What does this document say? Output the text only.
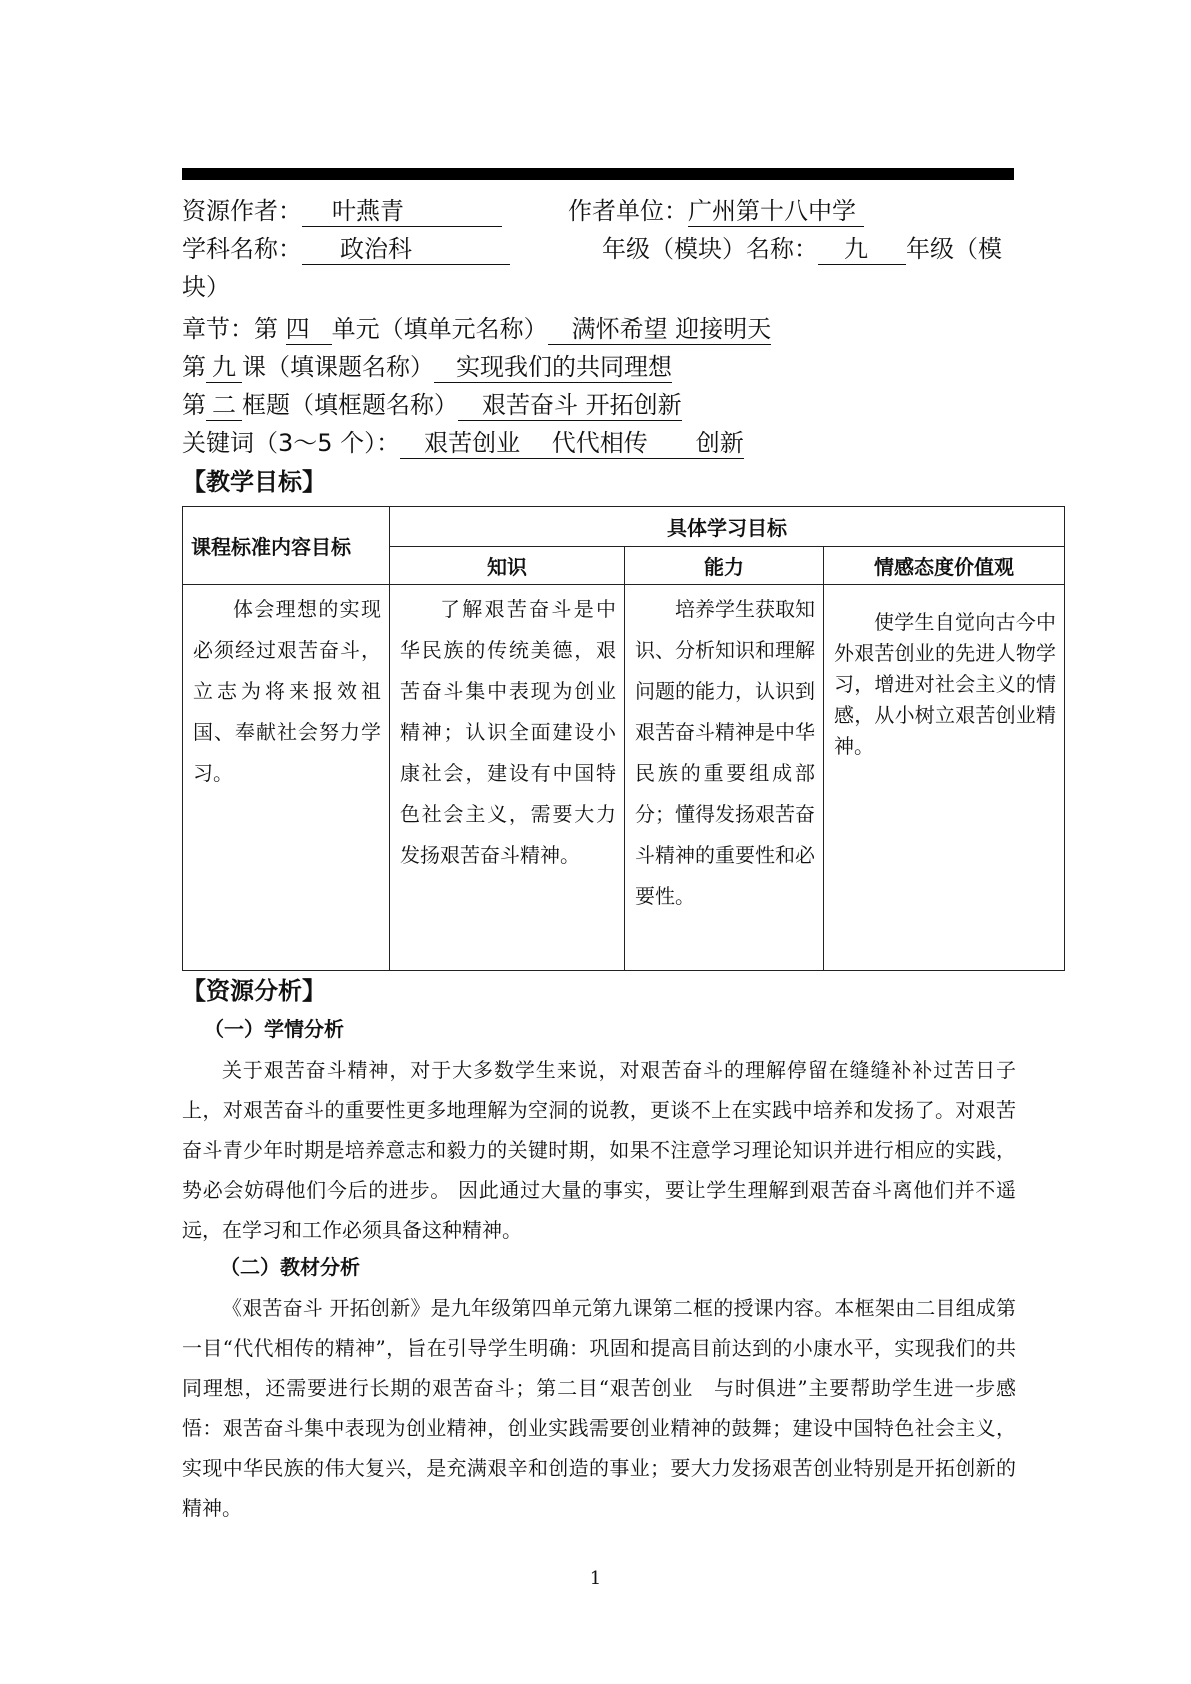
资源作者： 叶燕青	作者单位：广州第十八中学
学科名称： 政治科	年级（模块）名称： 九 年级（模
块）
章节：第 四 单元（填单元名称） 满怀希望 迎接明天
第 九 课（填课题名称） 实现我们的共同理想
第 二 框题（填框题名称） 艰苦奋斗 开拓创新
关键词（3～5 个）： 艰苦创业　 代代相传　　创新
【教学目标】
课程标准内容目标	具体学习目标		
	知识	能力	情感态度价值观

体会理想的实现必须经过艰苦奋斗，立志为将来报效祖国、奉献社会努力学习。	了解艰苦奋斗是中华民族的传统美德，艰苦奋斗集中表现为创业精神；认识全面建设小康社会，建设有中国特色社会主义，需要大力发扬艰苦奋斗精神。	培养学生获取知识、分析知识和理解问题的能力，认识到艰苦奋斗精神是中华民族的重要组成部分；懂得发扬艰苦奋斗精神的重要性和必要性。	使学生自觉向古今中外艰苦创业的先进人物学习，增进对社会主义的情感，从小树立艰苦创业精神。
【资源分析】
（一）学情分析
关于艰苦奋斗精神，对于大多数学生来说，对艰苦奋斗的理解停留在缝缝补补过苦日子上，对艰苦奋斗的重要性更多地理解为空洞的说教，更谈不上在实践中培养和发扬了。对艰苦奋斗青少年时期是培养意志和毅力的关键时期，如果不注意学习理论知识并进行相应的实践，势必会妨碍他们今后的进步。 因此通过大量的事实，要让学生理解到艰苦奋斗离他们并不遥远，在学习和工作必须具备这种精神。
（二）教材分析
《艰苦奋斗 开拓创新》是九年级第四单元第九课第二框的授课内容。本框架由二目组成第一目“代代相传的精神”，旨在引导学生明确：巩固和提高目前达到的小康水平，实现我们的共同理想，还需要进行长期的艰苦奋斗；第二目“艰苦创业　与时俱进”主要帮助学生进一步感悟：艰苦奋斗集中表现为创业精神，创业实践需要创业精神的鼓舞；建设中国特色社会主义，实现中华民族的伟大复兴，是充满艰辛和创造的事业；要大力发扬艰苦创业特别是开拓创新的精神。
1
